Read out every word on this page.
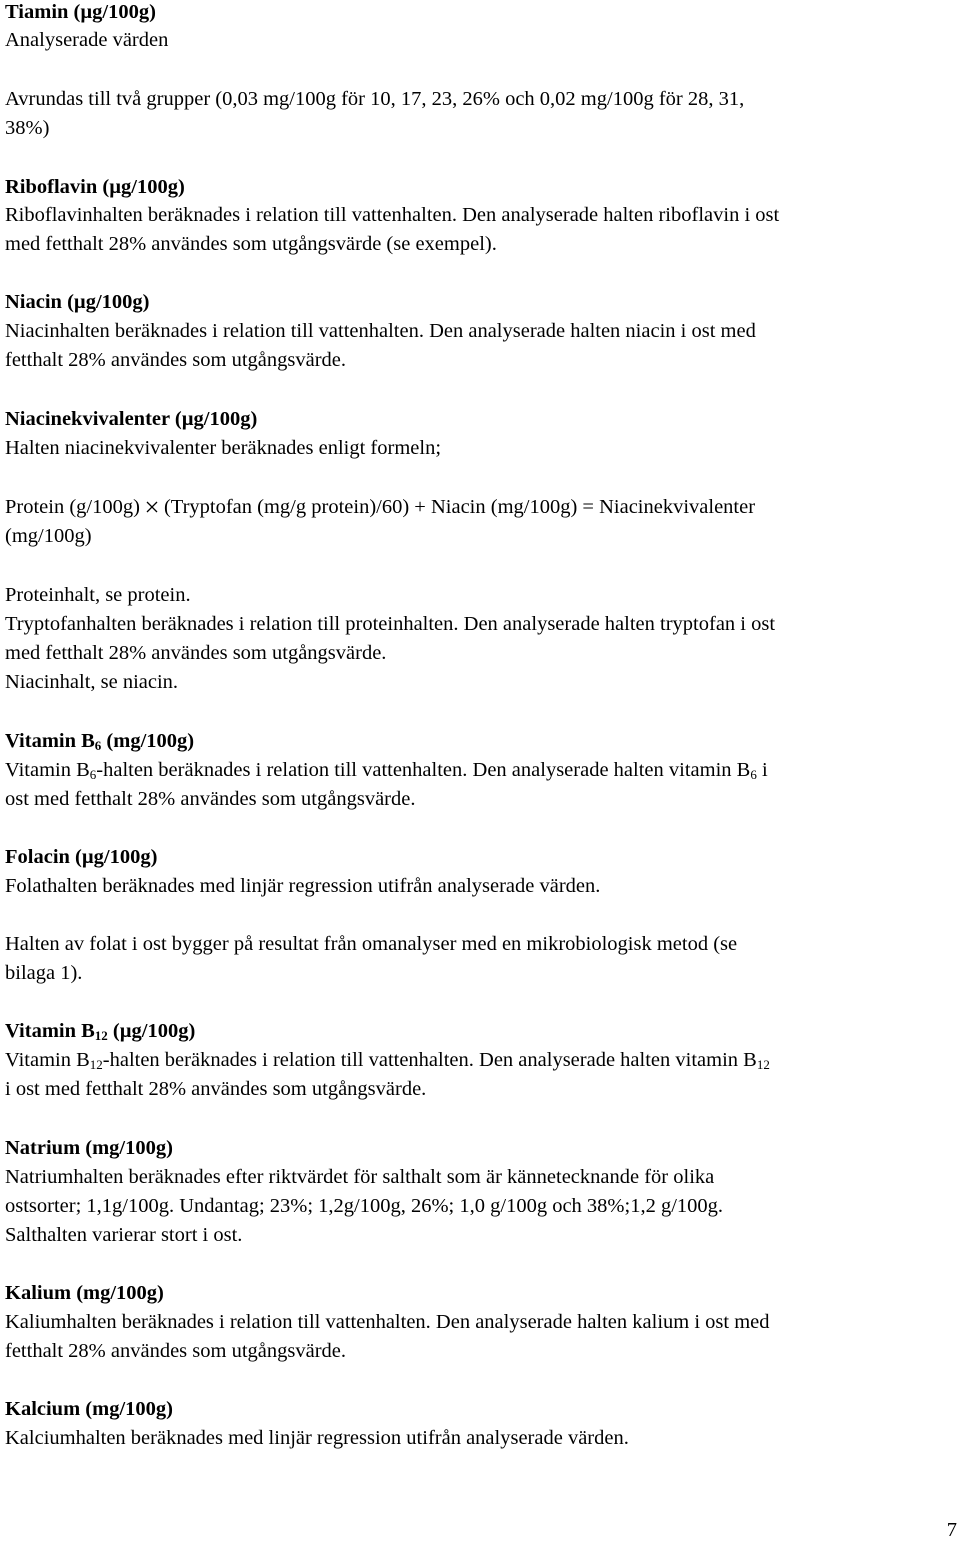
Tiamin (µg/100g)
Analyserade värden
Avrundas till två grupper (0,03 mg/100g för 10, 17, 23, 26% och 0,02 mg/100g för 28, 31,
38%)
Riboflavin (µg/100g)
Riboflavinhalten beräknades i relation till vattenhalten. Den analyserade halten riboflavin i ost
med fetthalt 28% användes som utgångsvärde (se exempel).
Niacin (µg/100g)
Niacinhalten beräknades i relation till vattenhalten. Den analyserade halten niacin i ost med
fetthalt 28% användes som utgångsvärde.
Niacinekvivalenter (µg/100g)
Halten niacinekvivalenter beräknades enligt formeln;
Protein (g/100g) (Tryptofan (mg/g protein)/60) + Niacin (mg/100g) = Niacinekvivalenter
(mg/100g)
Proteinhalt, se protein.
Tryptofanhalten beräknades i relation till proteinhalten. Den analyserade halten tryptofan i ost
med fetthalt 28% användes som utgångsvärde.
Niacinhalt, se niacin.
Vitamin $B_6$ (mg/100g)
Vitamin $B_6$-halten beräknades i relation till vattenhalten. Den analyserade halten vitamin $B_6$ i
ost med fetthalt 28% användes som utgångsvärde.
Folacin (µg/100g)
Folathalten beräknades med linjär regression utifrån analyserade värden.
Halten av folat i ost bygger på resultat från omanalyser med en mikrobiologisk metod (se
bilaga 1).
Vitamin $B_{12}$ (µg/100g)
Vitamin $B_{12}$-halten beräknades i relation till vattenhalten. Den analyserade halten vitamin $B_{12}$
i ost med fetthalt 28% användes som utgångsvärde.
Natrium (mg/100g)
Natriumhalten beräknades efter riktvärdet för salthalt som är kännetecknande för olika
ostsorter; 1,1g/100g. Undantag; 23%; 1,2g/100g, 26%; 1,0 g/100g och 38%;1,2 g/100g.
Salthalten varierar stort i ost.
Kalium (mg/100g)
Kaliumhalten beräknades i relation till vattenhalten. Den analyserade halten kalium i ost med
fetthalt 28% användes som utgångsvärde.
Kalcium (mg/100g)
Kalciumhalten beräknades med linjär regression utifrån analyserade värden.
7
